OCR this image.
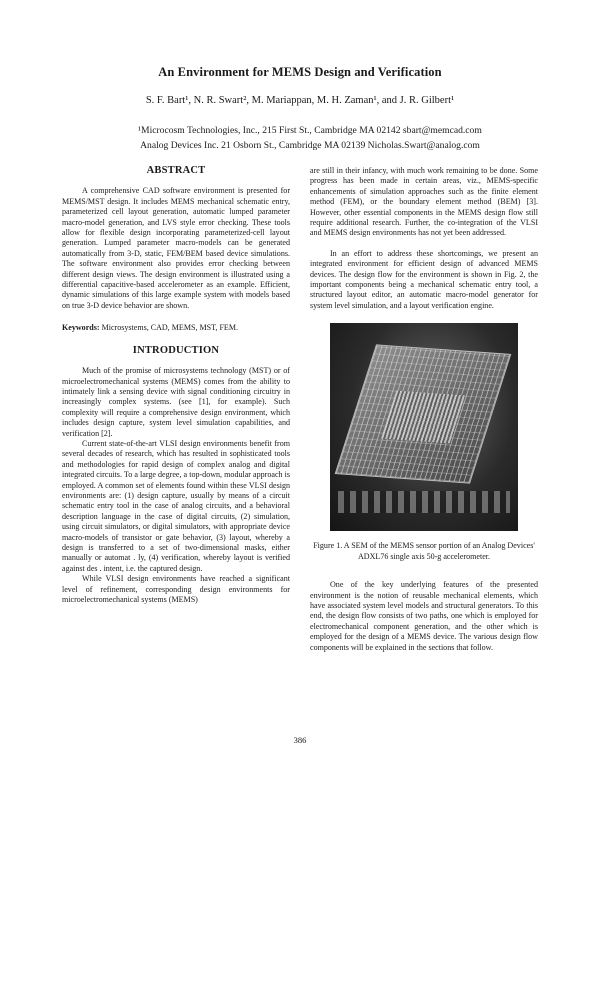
An Environment for MEMS Design and Verification
S. F. Bart¹, N. R. Swart², M. Mariappan, M. H. Zaman¹, and J. R. Gilbert¹
¹Microcosm Technologies, Inc., 215 First St., Cambridge MA 02142 sbart@memcad.com
Analog Devices Inc. 21 Osborn St., Cambridge MA 02139 Nicholas.Swart@analog.com
ABSTRACT

A comprehensive CAD software environment is presented for MEMS/MST design. It includes MEMS mechanical schematic entry, parameterized cell layout generation, automatic lumped parameter macro-model generation, and LVS style error checking. These tools allow for flexible design incorporating parameterized-cell layout generation. Lumped parameter macro-models can be generated automatically from 3-D, static, FEM/BEM based device simulations. The software environment also provides error checking between different design views. The design environment is illustrated using a differential capacitive-based accelerometer as an example. Efficient, dynamic simulations of this large example system with models based on true 3-D device behavior are shown.

Keywords: Microsystems, CAD, MEMS, MST, FEM.

INTRODUCTION

Much of the promise of microsystems technology (MST) or of microelectromechanical systems (MEMS) comes from the ability to intimately link a sensing device with signal conditioning circuitry in increasingly complex systems. (see [1], for example). Such complexity will require a comprehensive design environment, which includes design capture, system level simulation capabilities, and verification [2].

Current state-of-the-art VLSI design environments benefit from several decades of research, which has resulted in sophisticated tools and methodologies for rapid design of complex analog and digital integrated circuits. To a large degree, a top-down, modular approach is employed. A common set of elements found within these VLSI design environments are: (1) design capture, usually by means of a circuit schematic entry tool in the case of analog circuits, and a behavioral description language in the case of digital circuits, (2) simulation, using circuit simulators, or digital simulators, with appropriate device macro-models of transistor or gate behavior, (3) layout, whereby a design is transferred to a set of two-dimensional masks, either manually or automat . ly, (4) verification, whereby layout is verified against des . intent, i.e. the captured design.

While VLSI design environments have reached a significant level of refinement, corresponding design environments for microelectromechanical systems (MEMS)

are still in their infancy, with much work remaining to be done. Some progress has been made in certain areas, viz., MEMS-specific enhancements of simulation approaches such as the finite element method (FEM), or the boundary element method (BEM) [3]. However, other essential components in the MEMS design flow still require additional research. Further, the co-integration of the VLSI and MEMS design environments has not yet been addressed.

In an effort to address these shortcomings, we present an integrated environment for efficient design of advanced MEMS devices. The design flow for the environment is shown in Fig. 2, the important components being a mechanical schematic entry tool, a structured layout editor, an automatic macro-model generator for system level simulation, and a layout verification engine.

Figure 1. A SEM of the MEMS sensor portion of an Analog Devices' ADXL76 single axis 50-g accelerometer.

One of the key underlying features of the presented environment is the notion of reusable mechanical elements, which have associated system level models and structural generators. To this end, the design flow consists of two paths, one which is employed for electromechanical component generation, and the other which is employed for the design of a MEMS device. The various design flow components will be explained in the sections that follow.

386
